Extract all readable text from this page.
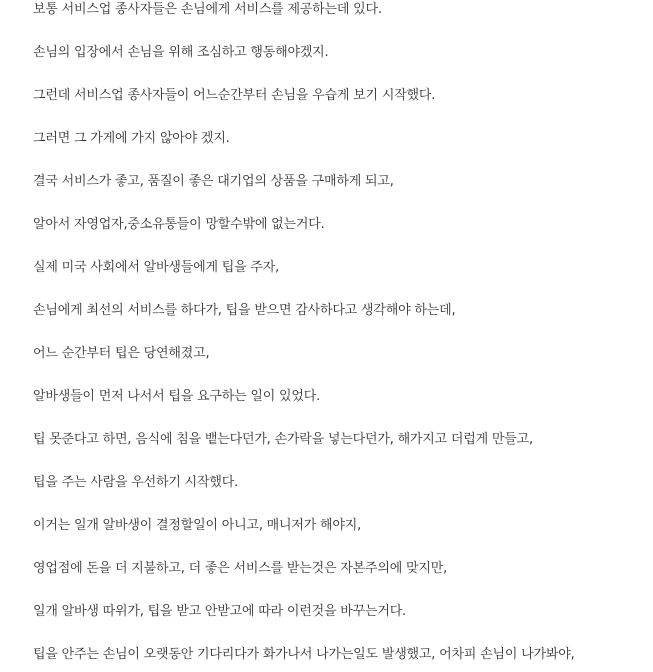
보통 서비스업 종사자들은 손님에게 서비스를 제공하는데 있다.

손님의 입장에서 손님을 위해 조심하고 행동해야겠지.

그런데 서비스업 종사자들이 어느순간부터 손님을 우습게 보기 시작했다.

그러면 그 가게에 가지 않아야 겠지.

결국 서비스가 좋고, 품질이 좋은 대기업의 상품을 구매하게 되고,

알아서 자영업자,중소유통들이 망할수밖에 없는거다.

실제 미국 사회에서 알바생들에게 팁을 주자,

손님에게 최선의 서비스를 하다가, 팁을 받으면 감사하다고 생각해야 하는데,

어느 순간부터 팁은 당연해졌고,

알바생들이 먼저 나서서 팁을 요구하는 일이 있었다.

팁 못준다고 하면, 음식에 침을 뱉는다던가, 손가락을 넣는다던가, 해가지고 더럽게 만들고,

팁을 주는 사람을 우선하기 시작했다.

이거는 일개 알바생이 결정할일이 아니고, 매니저가 해야지,

영업점에 돈을 더 지불하고, 더 좋은 서비스를 받는것은 자본주의에 맞지만,

일개 알바생 따위가, 팁을 받고 안받고에 따라 이런것을 바꾸는거다.

팁을 안주는 손님이 오랫동안 기다리다가 화가나서 나가는일도 발생했고, 어차피 손님이 나가봐야,
